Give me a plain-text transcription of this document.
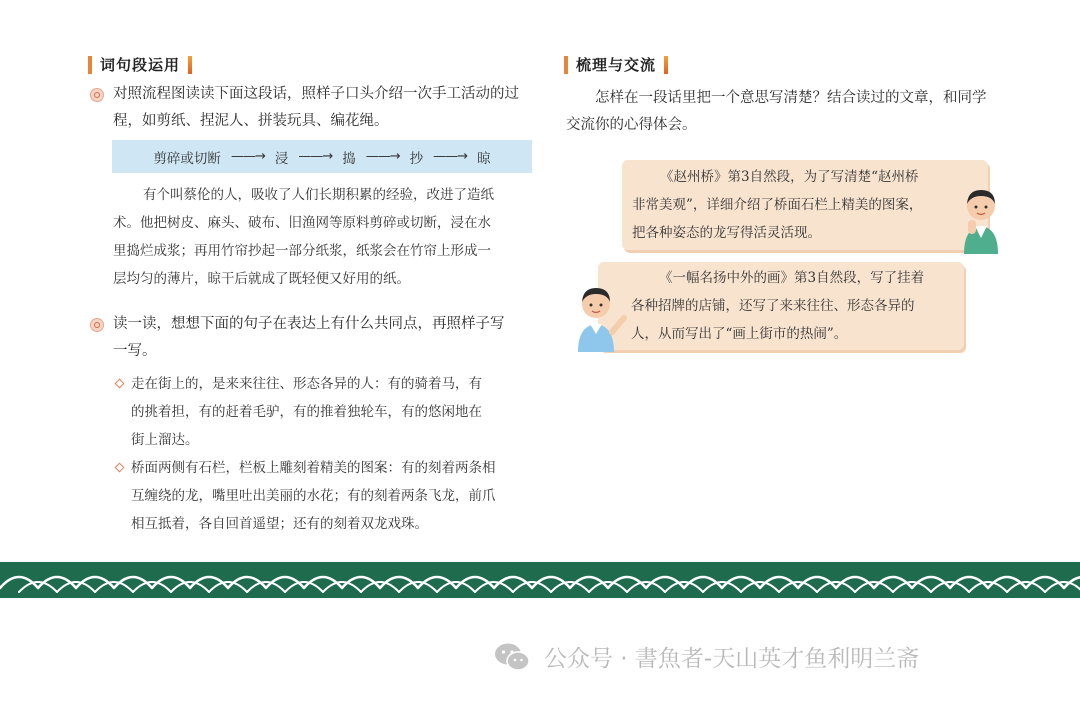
词句段运用
对照流程图读读下面这段话，照样子口头介绍一次手工活动的过
程，如剪纸、捏泥人、拼装玩具、编花绳。
剪碎或切断 ——→ 浸 ——→ 捣 ——→ 抄 ——→ 晾
有个叫蔡伦的人，吸收了人们长期积累的经验，改进了造纸
术。他把树皮、麻头、破布、旧渔网等原料剪碎或切断，浸在水
里捣烂成浆；再用竹帘抄起一部分纸浆，纸浆会在竹帘上形成一
层均匀的薄片，晾干后就成了既轻便又好用的纸。
读一读，想想下面的句子在表达上有什么共同点，再照样子写
一写。
走在街上的，是来来往往、形态各异的人：有的骑着马，有
的挑着担，有的赶着毛驴，有的推着独轮车，有的悠闲地在
街上溜达。
桥面两侧有石栏，栏板上雕刻着精美的图案：有的刻着两条相
互缠绕的龙，嘴里吐出美丽的水花；有的刻着两条飞龙，前爪
相互抵着，各自回首遥望；还有的刻着双龙戏珠。
梳理与交流
怎样在一段话里把一个意思写清楚？结合读过的文章，和同学
交流你的心得体会。
《赵州桥》第3自然段，为了写清楚“赵州桥
非常美观”，详细介绍了桥面石栏上精美的图案，
把各种姿态的龙写得活灵活现。
《一幅名扬中外的画》第3自然段，写了挂着
各种招牌的店铺，还写了来来往往、形态各异的
人，从而写出了“画上街市的热闹”。
公众号 · 書魚者-天山英才鱼利明兰斋
